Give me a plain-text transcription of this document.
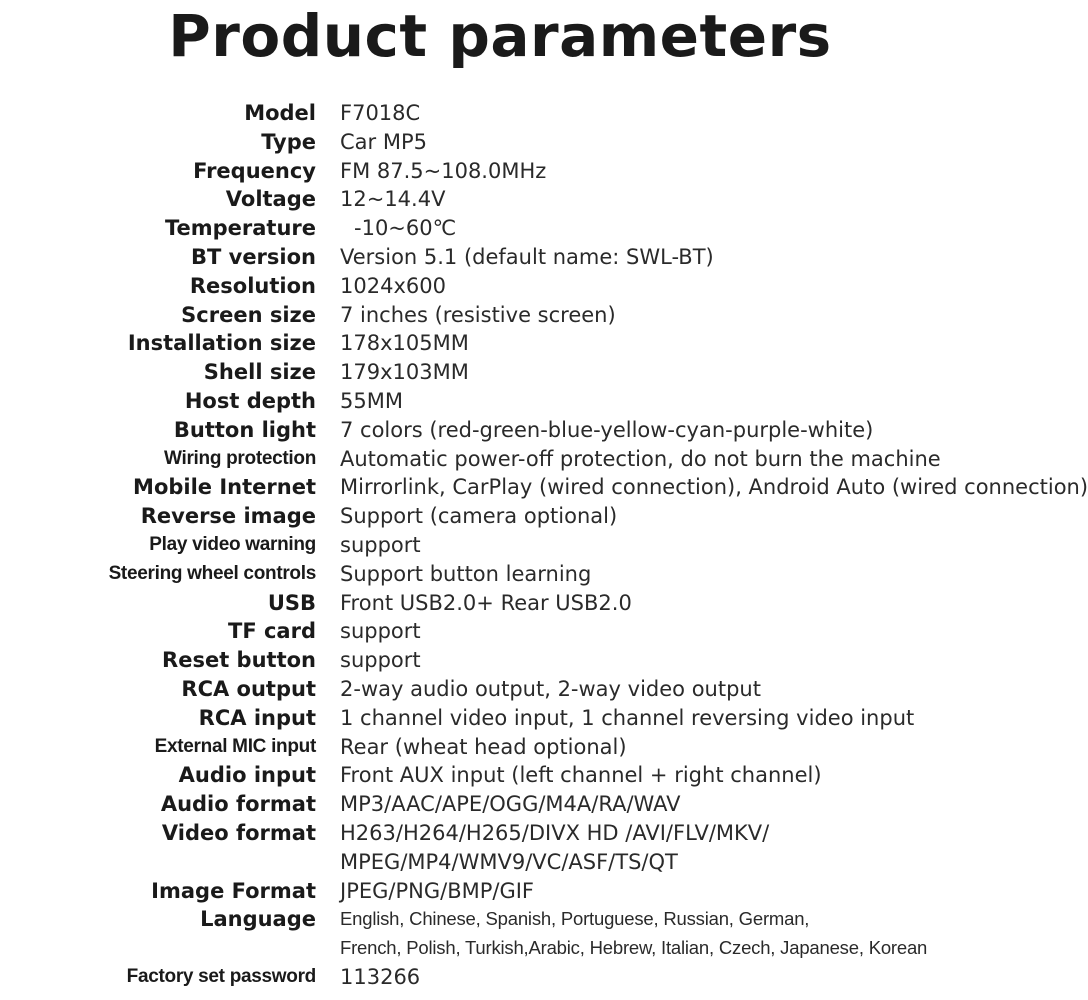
Product parameters
Model F7018C
Type Car MP5
Frequency FM 87.5~108.0MHz
Voltage 12~14.4V
Temperature -10~60℃
BT version Version 5.1 (default name: SWL-BT)
Resolution 1024x600
Screen size 7 inches (resistive screen)
Installation size 178x105MM
Shell size 179x103MM
Host depth 55MM
Button light 7 colors (red-green-blue-yellow-cyan-purple-white)
Wiring protection Automatic power-off protection, do not burn the machine
Mobile Internet Mirrorlink, CarPlay (wired connection), Android Auto (wired connection)
Reverse image Support (camera optional)
Play video warning support
Steering wheel controls Support button learning
USB Front USB2.0+ Rear USB2.0
TF card support
Reset button support
RCA output 2-way audio output, 2-way video output
RCA input 1 channel video input, 1 channel reversing video input
External MIC input Rear (wheat head optional)
Audio input Front AUX input (left channel + right channel)
Audio format MP3/AAC/APE/OGG/M4A/RA/WAV
Video format H263/H264/H265/DIVX HD /AVI/FLV/MKV/
MPEG/MP4/WMV9/VC/ASF/TS/QT
Image Format JPEG/PNG/BMP/GIF
Language English, Chinese, Spanish, Portuguese, Russian, German,
French, Polish, Turkish,Arabic, Hebrew, Italian, Czech, Japanese, Korean
Factory set password 113266
